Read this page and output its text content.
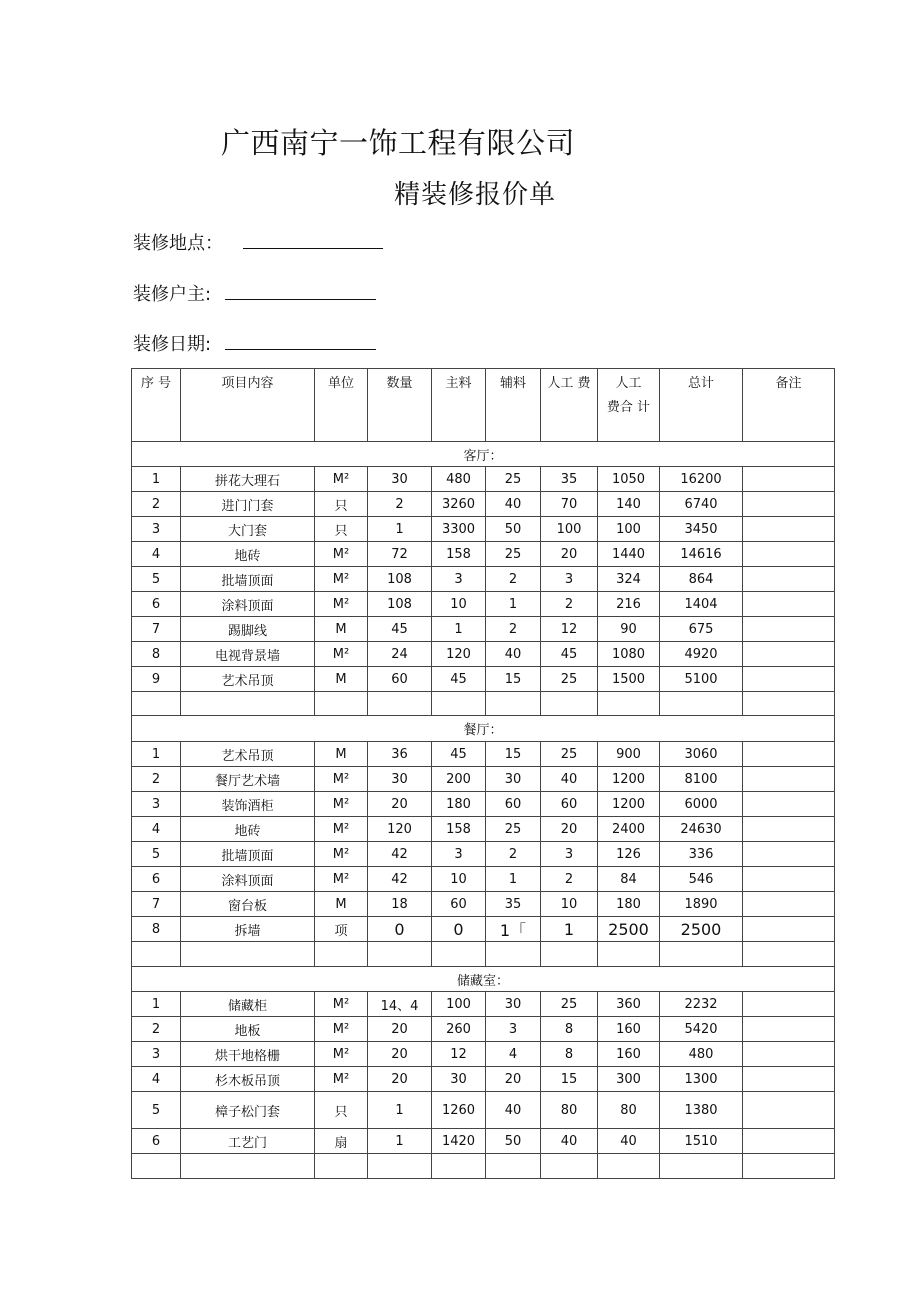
广西南宁一饰工程有限公司
精装修报价单
装修地点：
装修户主:
装修日期:
序 号	项目内容	单位	数量	主料	辅料	人工 费	人工
费合 计	总计	备注
客厅：									
1	拼花大理石	M²	30	480	25	35	1050	16200	
2	进门门套	只	2	3260	40	70	140	6740	
3	大门套	只	1	3300	50	100	100	3450	
4	地砖	M²	72	158	25	20	1440	14616	
5	批墙顶面	M²	108	3	2	3	324	864	
6	涂料顶面	M²	108	10	1	2	216	1404	
7	踢脚线	M	45	1	2	12	90	675	
8	电视背景墙	M²	24	120	40	45	1080	4920	
9	艺术吊顶	M	60	45	15	25	1500	5100	

餐厅：									
1	艺术吊顶	M	36	45	15	25	900	3060	
2	餐厅艺术墙	M²	30	200	30	40	1200	8100	
3	装饰酒柜	M²	20	180	60	60	1200	6000	
4	地砖	M²	120	158	25	20	2400	24630	
5	批墙顶面	M²	42	3	2	3	126	336	
6	涂料顶面	M²	42	10	1	2	84	546	
7	窗台板	M	18	60	35	10	180	1890	
8	拆墙	项	0	0	1「	1	2500	2500	

储藏室：									
1	储藏柜	M²	14、4	100	30	25	360	2232	
2	地板	M²	20	260	3	8	160	5420	
3	烘干地格栅	M²	20	12	4	8	160	480	
4	杉木板吊顶	M²	20	30	20	15	300	1300	
5	樟子松门套	只	1	1260	40	80	80	1380	
6	工艺门	扇	1	1420	50	40	40	1510	
